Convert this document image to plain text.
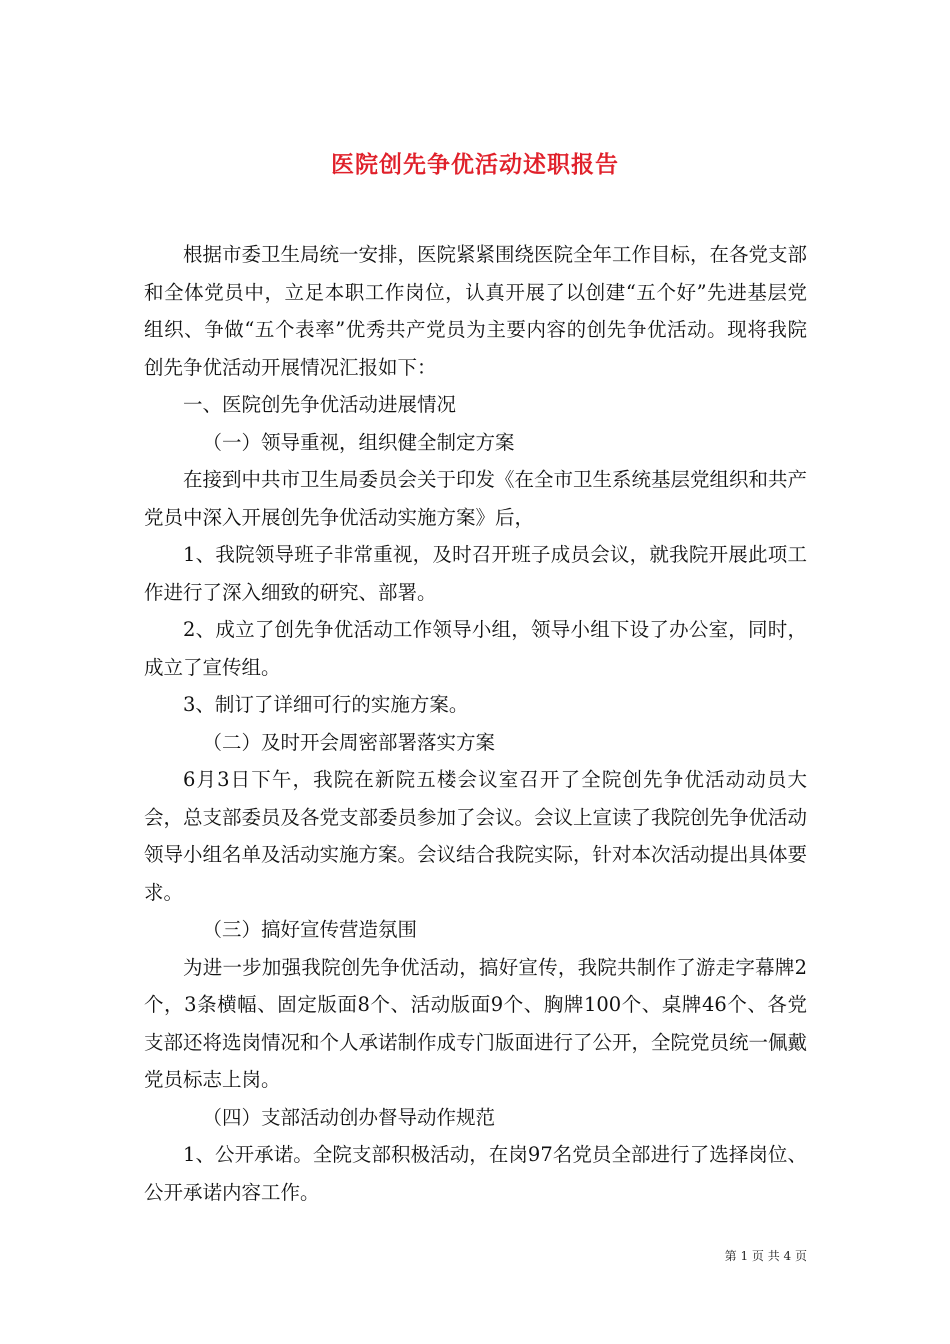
医院创先争优活动述职报告

根据市委卫生局统一安排，医院紧紧围绕医院全年工作目标，在各党支部和全体党员中，立足本职工作岗位，认真开展了以创建“五个好”先进基层党组织、争做“五个表率”优秀共产党员为主要内容的创先争优活动。现将我院创先争优活动开展情况汇报如下：

一、医院创先争优活动进展情况

（一）领导重视，组织健全制定方案

在接到中共市卫生局委员会关于印发《在全市卫生系统基层党组织和共产党员中深入开展创先争优活动实施方案》后，

1、我院领导班子非常重视，及时召开班子成员会议，就我院开展此项工作进行了深入细致的研究、部署。

2、成立了创先争优活动工作领导小组，领导小组下设了办公室，同时，成立了宣传组。

3、制订了详细可行的实施方案。

（二）及时开会周密部署落实方案

6月3日下午，我院在新院五楼会议室召开了全院创先争优活动动员大会，总支部委员及各党支部委员参加了会议。会议上宣读了我院创先争优活动领导小组名单及活动实施方案。会议结合我院实际，针对本次活动提出具体要求。

（三）搞好宣传营造氛围

为进一步加强我院创先争优活动，搞好宣传，我院共制作了游走字幕牌2个，3条横幅、固定版面8个、活动版面9个、胸牌100个、桌牌46个、各党支部还将选岗情况和个人承诺制作成专门版面进行了公开，全院党员统一佩戴党员标志上岗。

（四）支部活动创办督导动作规范

1、公开承诺。全院支部积极活动，在岗97名党员全部进行了选择岗位、公开承诺内容工作。

第 1 页 共 4 页
